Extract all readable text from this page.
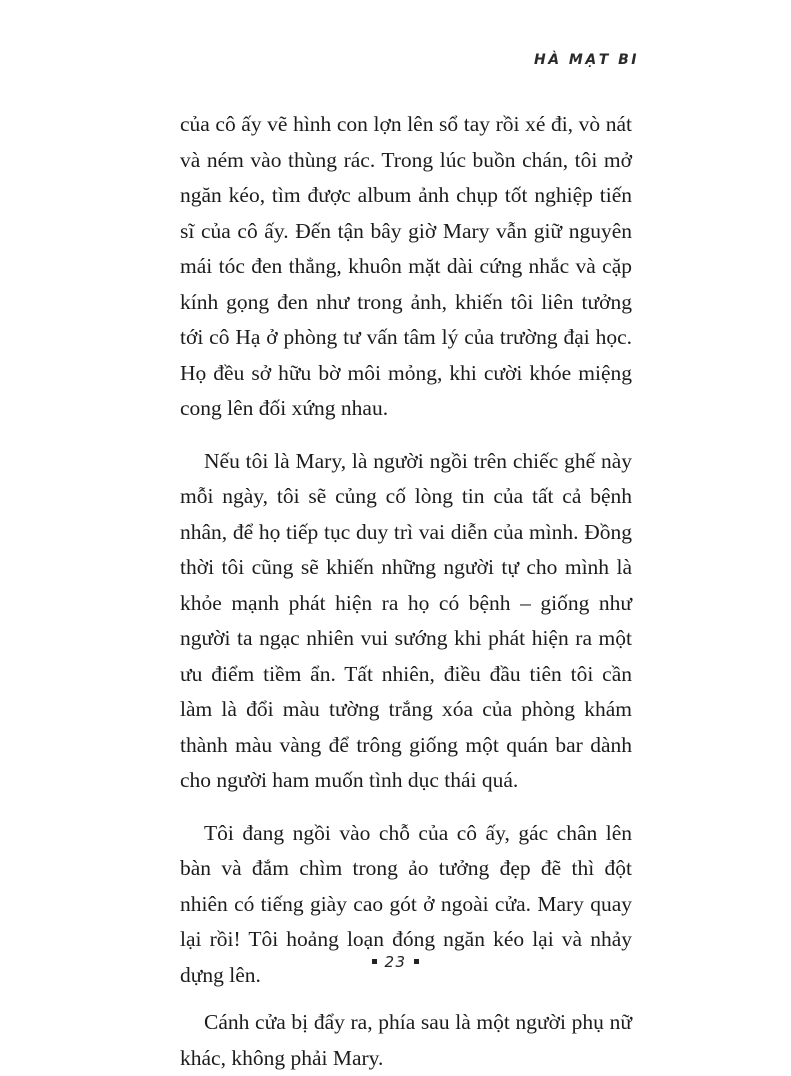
HÀ MẠT BI

của cô ấy vẽ hình con lợn lên sổ tay rồi xé đi, vò nát và ném vào thùng rác. Trong lúc buồn chán, tôi mở ngăn kéo, tìm được album ảnh chụp tốt nghiệp tiến sĩ của cô ấy. Đến tận bây giờ Mary vẫn giữ nguyên mái tóc đen thẳng, khuôn mặt dài cứng nhắc và cặp kính gọng đen như trong ảnh, khiến tôi liên tưởng tới cô Hạ ở phòng tư vấn tâm lý của trường đại học. Họ đều sở hữu bờ môi mỏng, khi cười khóe miệng cong lên đối xứng nhau.

Nếu tôi là Mary, là người ngồi trên chiếc ghế này mỗi ngày, tôi sẽ củng cố lòng tin của tất cả bệnh nhân, để họ tiếp tục duy trì vai diễn của mình. Đồng thời tôi cũng sẽ khiến những người tự cho mình là khỏe mạnh phát hiện ra họ có bệnh – giống như người ta ngạc nhiên vui sướng khi phát hiện ra một ưu điểm tiềm ẩn. Tất nhiên, điều đầu tiên tôi cần làm là đổi màu tường trắng xóa của phòng khám thành màu vàng để trông giống một quán bar dành cho người ham muốn tình dục thái quá.

Tôi đang ngồi vào chỗ của cô ấy, gác chân lên bàn và đắm chìm trong ảo tưởng đẹp đẽ thì đột nhiên có tiếng giày cao gót ở ngoài cửa. Mary quay lại rồi! Tôi hoảng loạn đóng ngăn kéo lại và nhảy dựng lên.

Cánh cửa bị đẩy ra, phía sau là một người phụ nữ khác, không phải Mary.

23
